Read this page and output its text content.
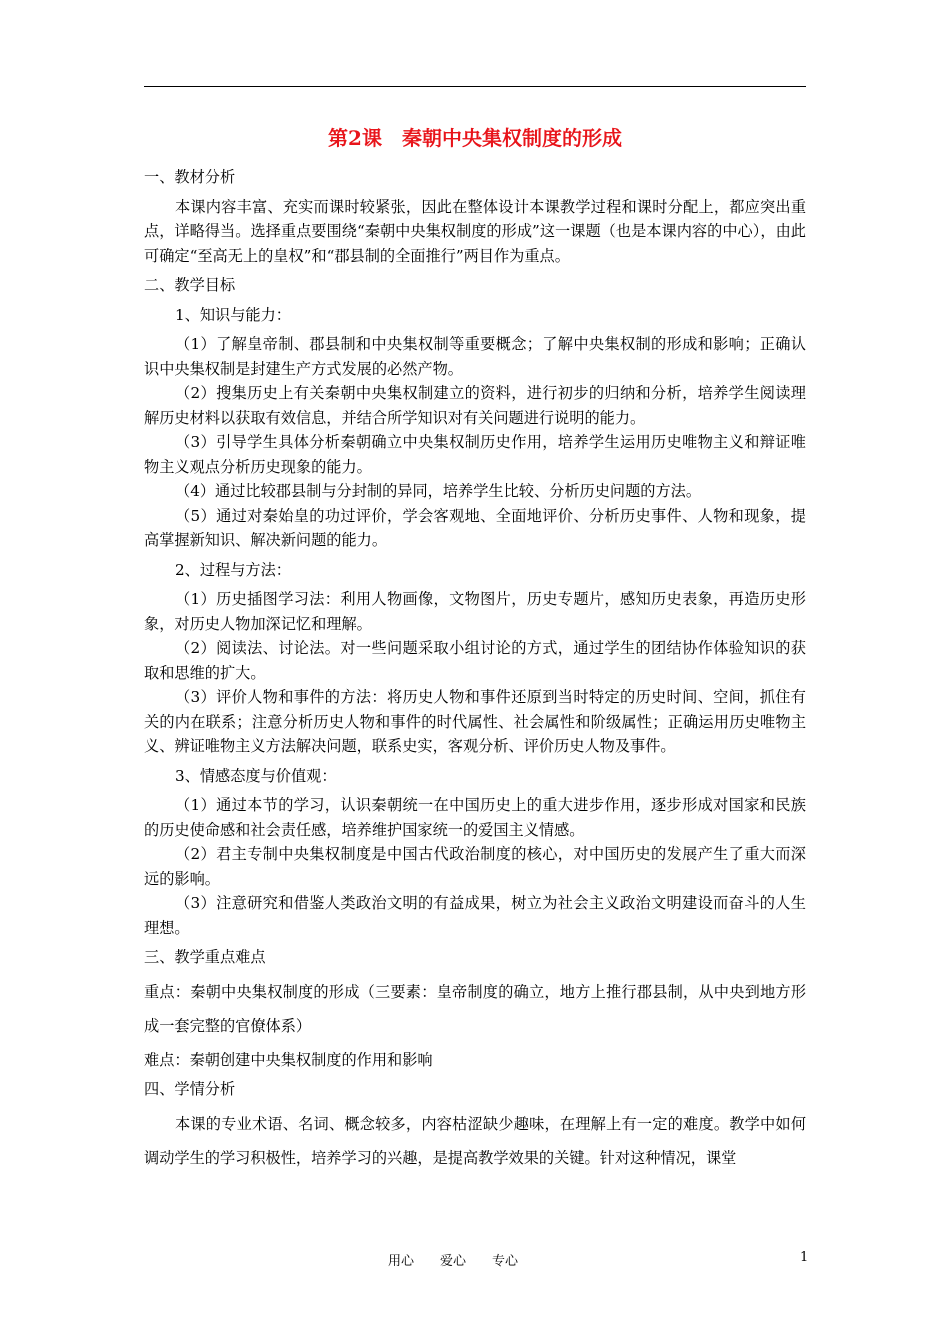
第2课　秦朝中央集权制度的形成

一、教材分析

本课内容丰富、充实而课时较紧张，因此在整体设计本课教学过程和课时分配上，都应突出重点，详略得当。选择重点要围绕“秦朝中央集权制度的形成”这一课题（也是本课内容的中心），由此可确定“至高无上的皇权”和“郡县制的全面推行”两目作为重点。

二、教学目标

1、知识与能力：

（1）了解皇帝制、郡县制和中央集权制等重要概念；了解中央集权制的形成和影响；正确认识中央集权制是封建生产方式发展的必然产物。

（2）搜集历史上有关秦朝中央集权制建立的资料，进行初步的归纳和分析，培养学生阅读理解历史材料以获取有效信息，并结合所学知识对有关问题进行说明的能力。

（3）引导学生具体分析秦朝确立中央集权制历史作用，培养学生运用历史唯物主义和辩证唯物主义观点分析历史现象的能力。

（4）通过比较郡县制与分封制的异同，培养学生比较、分析历史问题的方法。

（5）通过对秦始皇的功过评价，学会客观地、全面地评价、分析历史事件、人物和现象，提高掌握新知识、解决新问题的能力。

2、过程与方法：

（1）历史插图学习法：利用人物画像，文物图片，历史专题片，感知历史表象，再造历史形象，对历史人物加深记忆和理解。

（2）阅读法、讨论法。对一些问题采取小组讨论的方式，通过学生的团结协作体验知识的获取和思维的扩大。

（3）评价人物和事件的方法：将历史人物和事件还原到当时特定的历史时间、空间，抓住有关的内在联系；注意分析历史人物和事件的时代属性、社会属性和阶级属性；正确运用历史唯物主义、辨证唯物主义方法解决问题，联系史实，客观分析、评价历史人物及事件。

3、情感态度与价值观：

（1）通过本节的学习，认识秦朝统一在中国历史上的重大进步作用，逐步形成对国家和民族的历史使命感和社会责任感，培养维护国家统一的爱国主义情感。

（2）君主专制中央集权制度是中国古代政治制度的核心，对中国历史的发展产生了重大而深远的影响。

（3）注意研究和借鉴人类政治文明的有益成果，树立为社会主义政治文明建设而奋斗的人生理想。

三、教学重点难点

重点：秦朝中央集权制度的形成（三要素：皇帝制度的确立，地方上推行郡县制，从中央到地方形成一套完整的官僚体系）

难点：秦朝创建中央集权制度的作用和影响

四、学情分析

本课的专业术语、名词、概念较多，内容枯涩缺少趣味，在理解上有一定的难度。教学中如何调动学生的学习积极性，培养学习的兴趣，是提高教学效果的关键。针对这种情况，课堂

用心　　爱心　　专心	1
